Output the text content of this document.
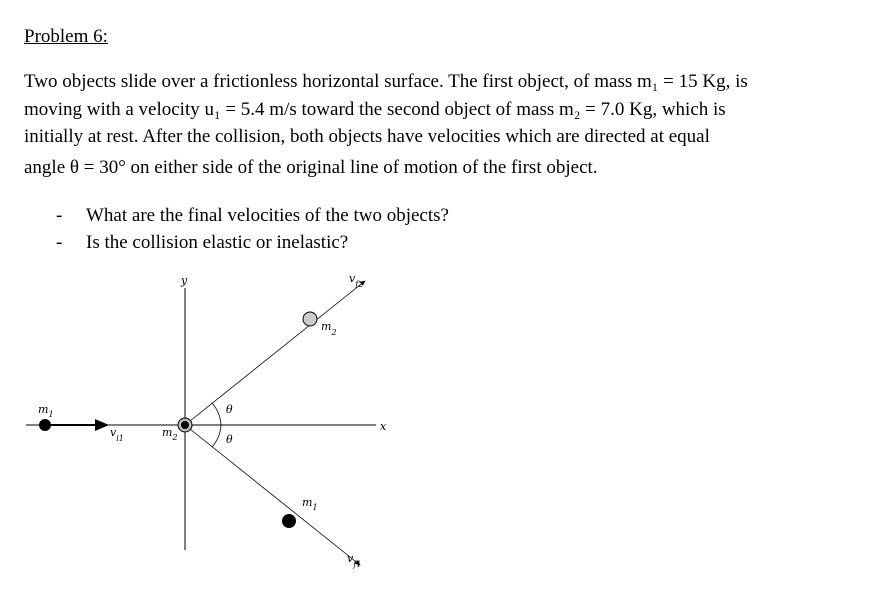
Problem 6:

Two objects slide over a frictionless horizontal surface. The first object, of mass m₁ = 15 Kg, is
moving with a velocity u₁ = 5.4 m/s toward the second object of mass m₂ = 7.0 Kg, which is
initially at rest. After the collision, both objects have velocities which are directed at equal
angle θ = 30° on either side of the original line of motion of the first object.

-	What are the final velocities of the two objects?
-	Is the collision elastic or inelastic?
y
x
$m_1$
$v_{i1}$	$m_2$
θ
θ
$m_2$
$v_{f2}$
$m_1$
$v_{f1}$
